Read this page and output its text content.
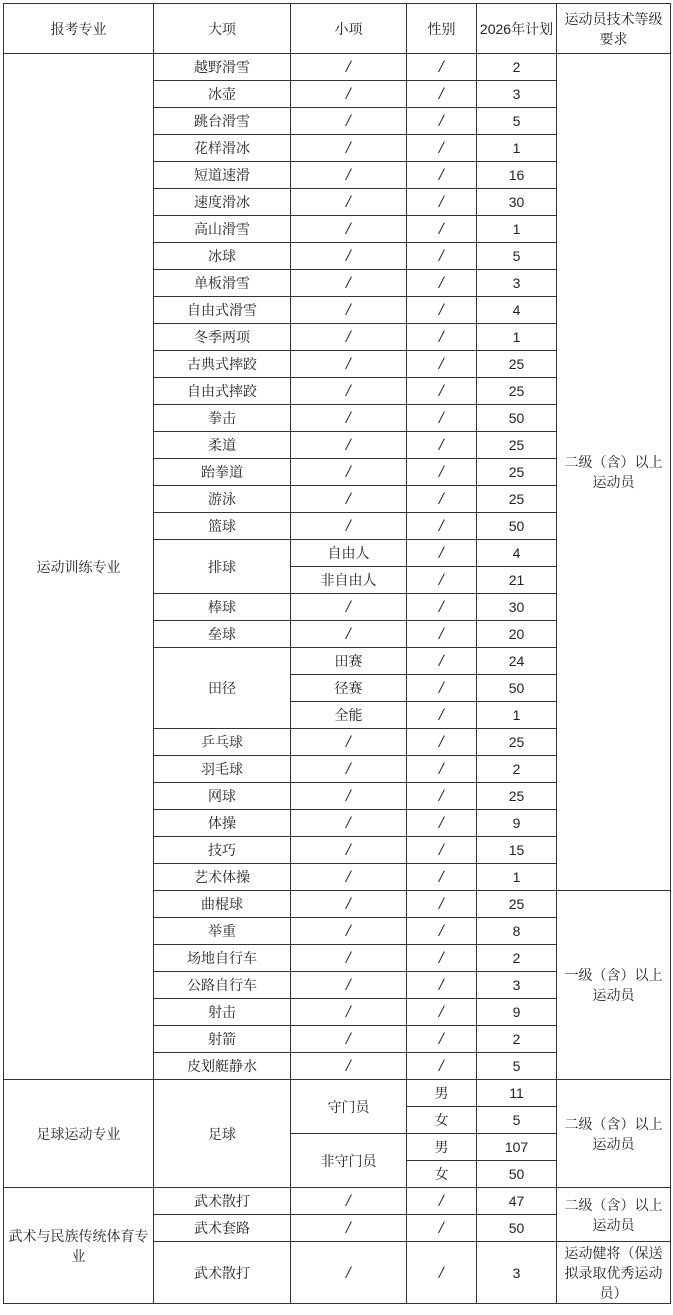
报考专业	大项	小项	性别	2026年计划	运动员技术等级要求
运动训练专业	越野滑雪	/	/	2	二级（含）以上运动员
	冰壶	/	/	3	
	跳台滑雪	/	/	5	
	花样滑冰	/	/	1	
	短道速滑	/	/	16	
	速度滑冰	/	/	30	
	高山滑雪	/	/	1	
	冰球	/	/	5	
	单板滑雪	/	/	3	
	自由式滑雪	/	/	4	
	冬季两项	/	/	1	
	古典式摔跤	/	/	25	
	自由式摔跤	/	/	25	
	拳击	/	/	50	
	柔道	/	/	25	
	跆拳道	/	/	25	
	游泳	/	/	25	
	篮球	/	/	50	
	排球	自由人	/	4	
		非自由人	/	21	
	棒球	/	/	30	
	垒球	/	/	20	
	田径	田赛	/	24	
		径赛	/	50	
		全能	/	1	
	乒乓球	/	/	25	
	羽毛球	/	/	2	
	网球	/	/	25	
	体操	/	/	9	
	技巧	/	/	15	
	艺术体操	/	/	1	
	曲棍球	/	/	25	一级（含）以上运动员
	举重	/	/	8	
	场地自行车	/	/	2	
	公路自行车	/	/	3	
	射击	/	/	9	
	射箭	/	/	2	
	皮划艇静水	/	/	5	
足球运动专业	足球	守门员	男	11	二级（含）以上运动员
			女	5	
		非守门员	男	107	
			女	50	
武术与民族传统体育专业	武术散打	/	/	47	二级（含）以上运动员
	武术套路	/	/	50	
	武术散打	/	/	3	运动健将（保送拟录取优秀运动员）
